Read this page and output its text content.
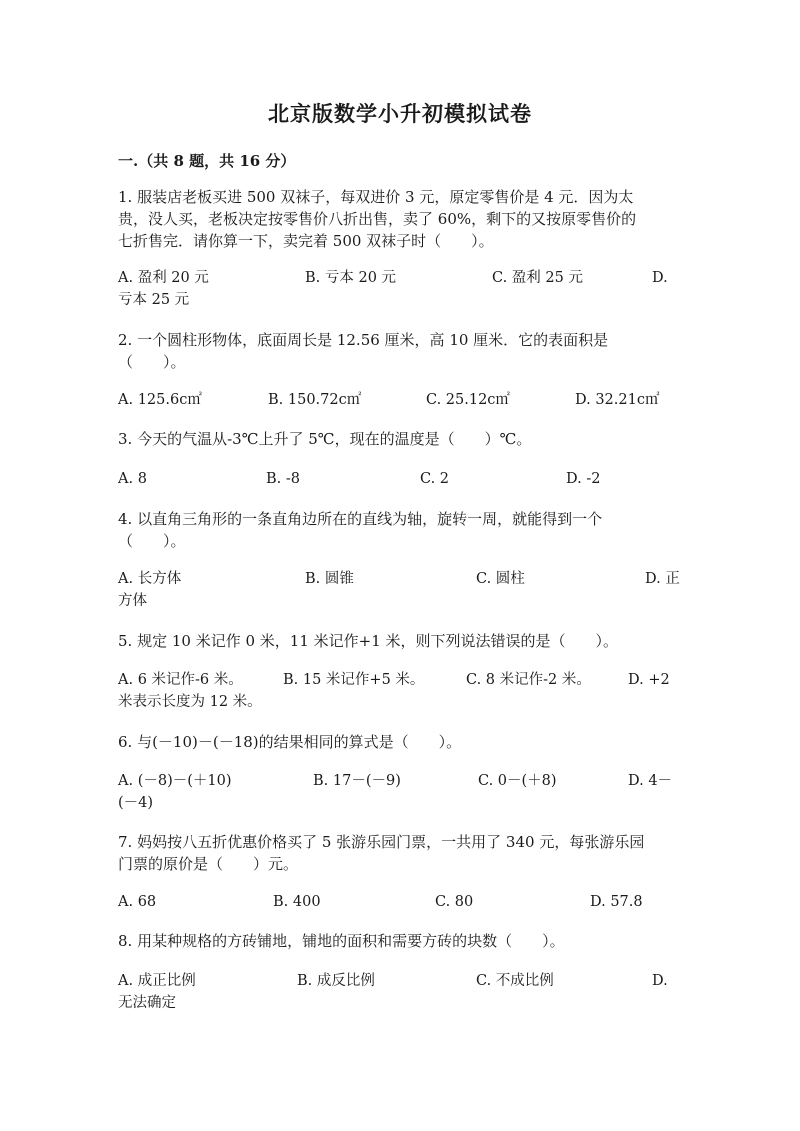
北京版数学小升初模拟试卷
一.（共 8 题，共 16 分）
1. 服装店老板买进 500 双袜子，每双进价 3 元，原定零售价是 4 元．因为太
贵，没人买，老板决定按零售价八折出售，卖了 60%，剩下的又按原零售价的
七折售完．请你算一下，卖完着 500 双袜子时（　　）。
A. 盈利 20 元	B. 亏本 20 元	C. 盈利 25 元	D.
亏本 25 元
2. 一个圆柱形物体，底面周长是 12.56 厘米，高 10 厘米．它的表面积是
（　　）。
A. 125.6c㎡	B. 150.72c㎡	C. 25.12c㎡	D. 32.21c㎡
3. 今天的气温从-3℃上升了 5℃，现在的温度是（　　）℃。
A. 8	B. -8	C. 2	D. -2
4. 以直角三角形的一条直角边所在的直线为轴，旋转一周，就能得到一个
（　　）。
A. 长方体	B. 圆锥	C. 圆柱	D. 正
方体
5. 规定 10 米记作 0 米，11 米记作+1 米，则下列说法错误的是（　　）。
A. 6 米记作-6 米。	B. 15 米记作+5 米。	C. 8 米记作-2 米。	D. +2
米表示长度为 12 米。
6. 与(－10)－(－18)的结果相同的算式是（　　）。
A. (－8)－(＋10)	B. 17－(－9)	C. 0－(＋8)	D. 4－
(－4)
7. 妈妈按八五折优惠价格买了 5 张游乐园门票，一共用了 340 元，每张游乐园
门票的原价是（　　）元。
A. 68	B. 400	C. 80	D. 57.8
8. 用某种规格的方砖铺地，铺地的面积和需要方砖的块数（　　）。
A. 成正比例	B. 成反比例	C. 不成比例	D.
无法确定
